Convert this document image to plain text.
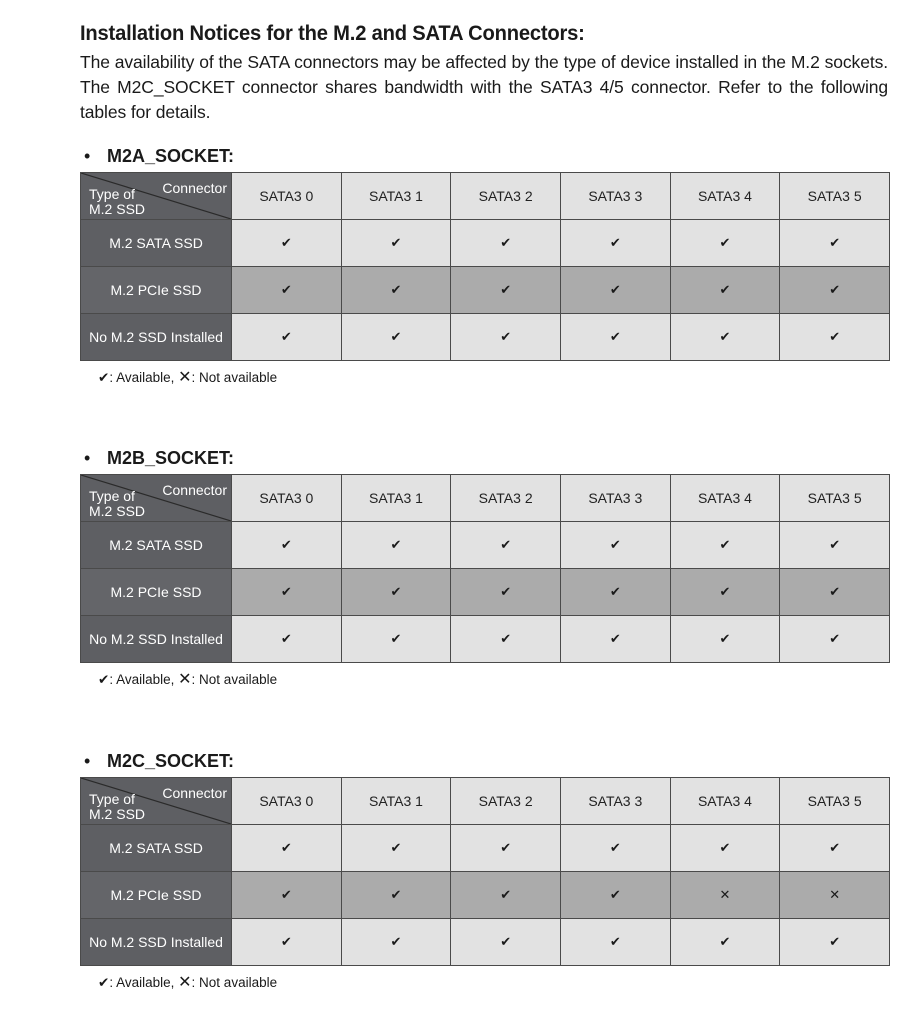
Installation Notices for the M.2 and SATA Connectors:
The availability of the SATA connectors may be affected by the type of device installed in the M.2 sockets. The M2C_SOCKET connector shares bandwidth with the SATA3 4/5 connector. Refer to the following tables for details.
• M2A_SOCKET:
Connector
Type of
M.2 SSD	SATA3 0	SATA3 1	SATA3 2	SATA3 3	SATA3 4	SATA3 5
M.2 SATA SSD	✔	✔	✔	✔	✔	✔
M.2 PCIe SSD	✔	✔	✔	✔	✔	✔
No M.2 SSD Installed	✔	✔	✔	✔	✔	✔
✔: Available, ✕: Not available
• M2B_SOCKET:
Connector
Type of
M.2 SSD	SATA3 0	SATA3 1	SATA3 2	SATA3 3	SATA3 4	SATA3 5
M.2 SATA SSD	✔	✔	✔	✔	✔	✔
M.2 PCIe SSD	✔	✔	✔	✔	✔	✔
No M.2 SSD Installed	✔	✔	✔	✔	✔	✔
✔: Available, ✕: Not available
• M2C_SOCKET:
Connector
Type of
M.2 SSD	SATA3 0	SATA3 1	SATA3 2	SATA3 3	SATA3 4	SATA3 5
M.2 SATA SSD	✔	✔	✔	✔	✔	✔
M.2 PCIe SSD	✔	✔	✔	✔	✕	✕
No M.2 SSD Installed	✔	✔	✔	✔	✔	✔
✔: Available, ✕: Not available
